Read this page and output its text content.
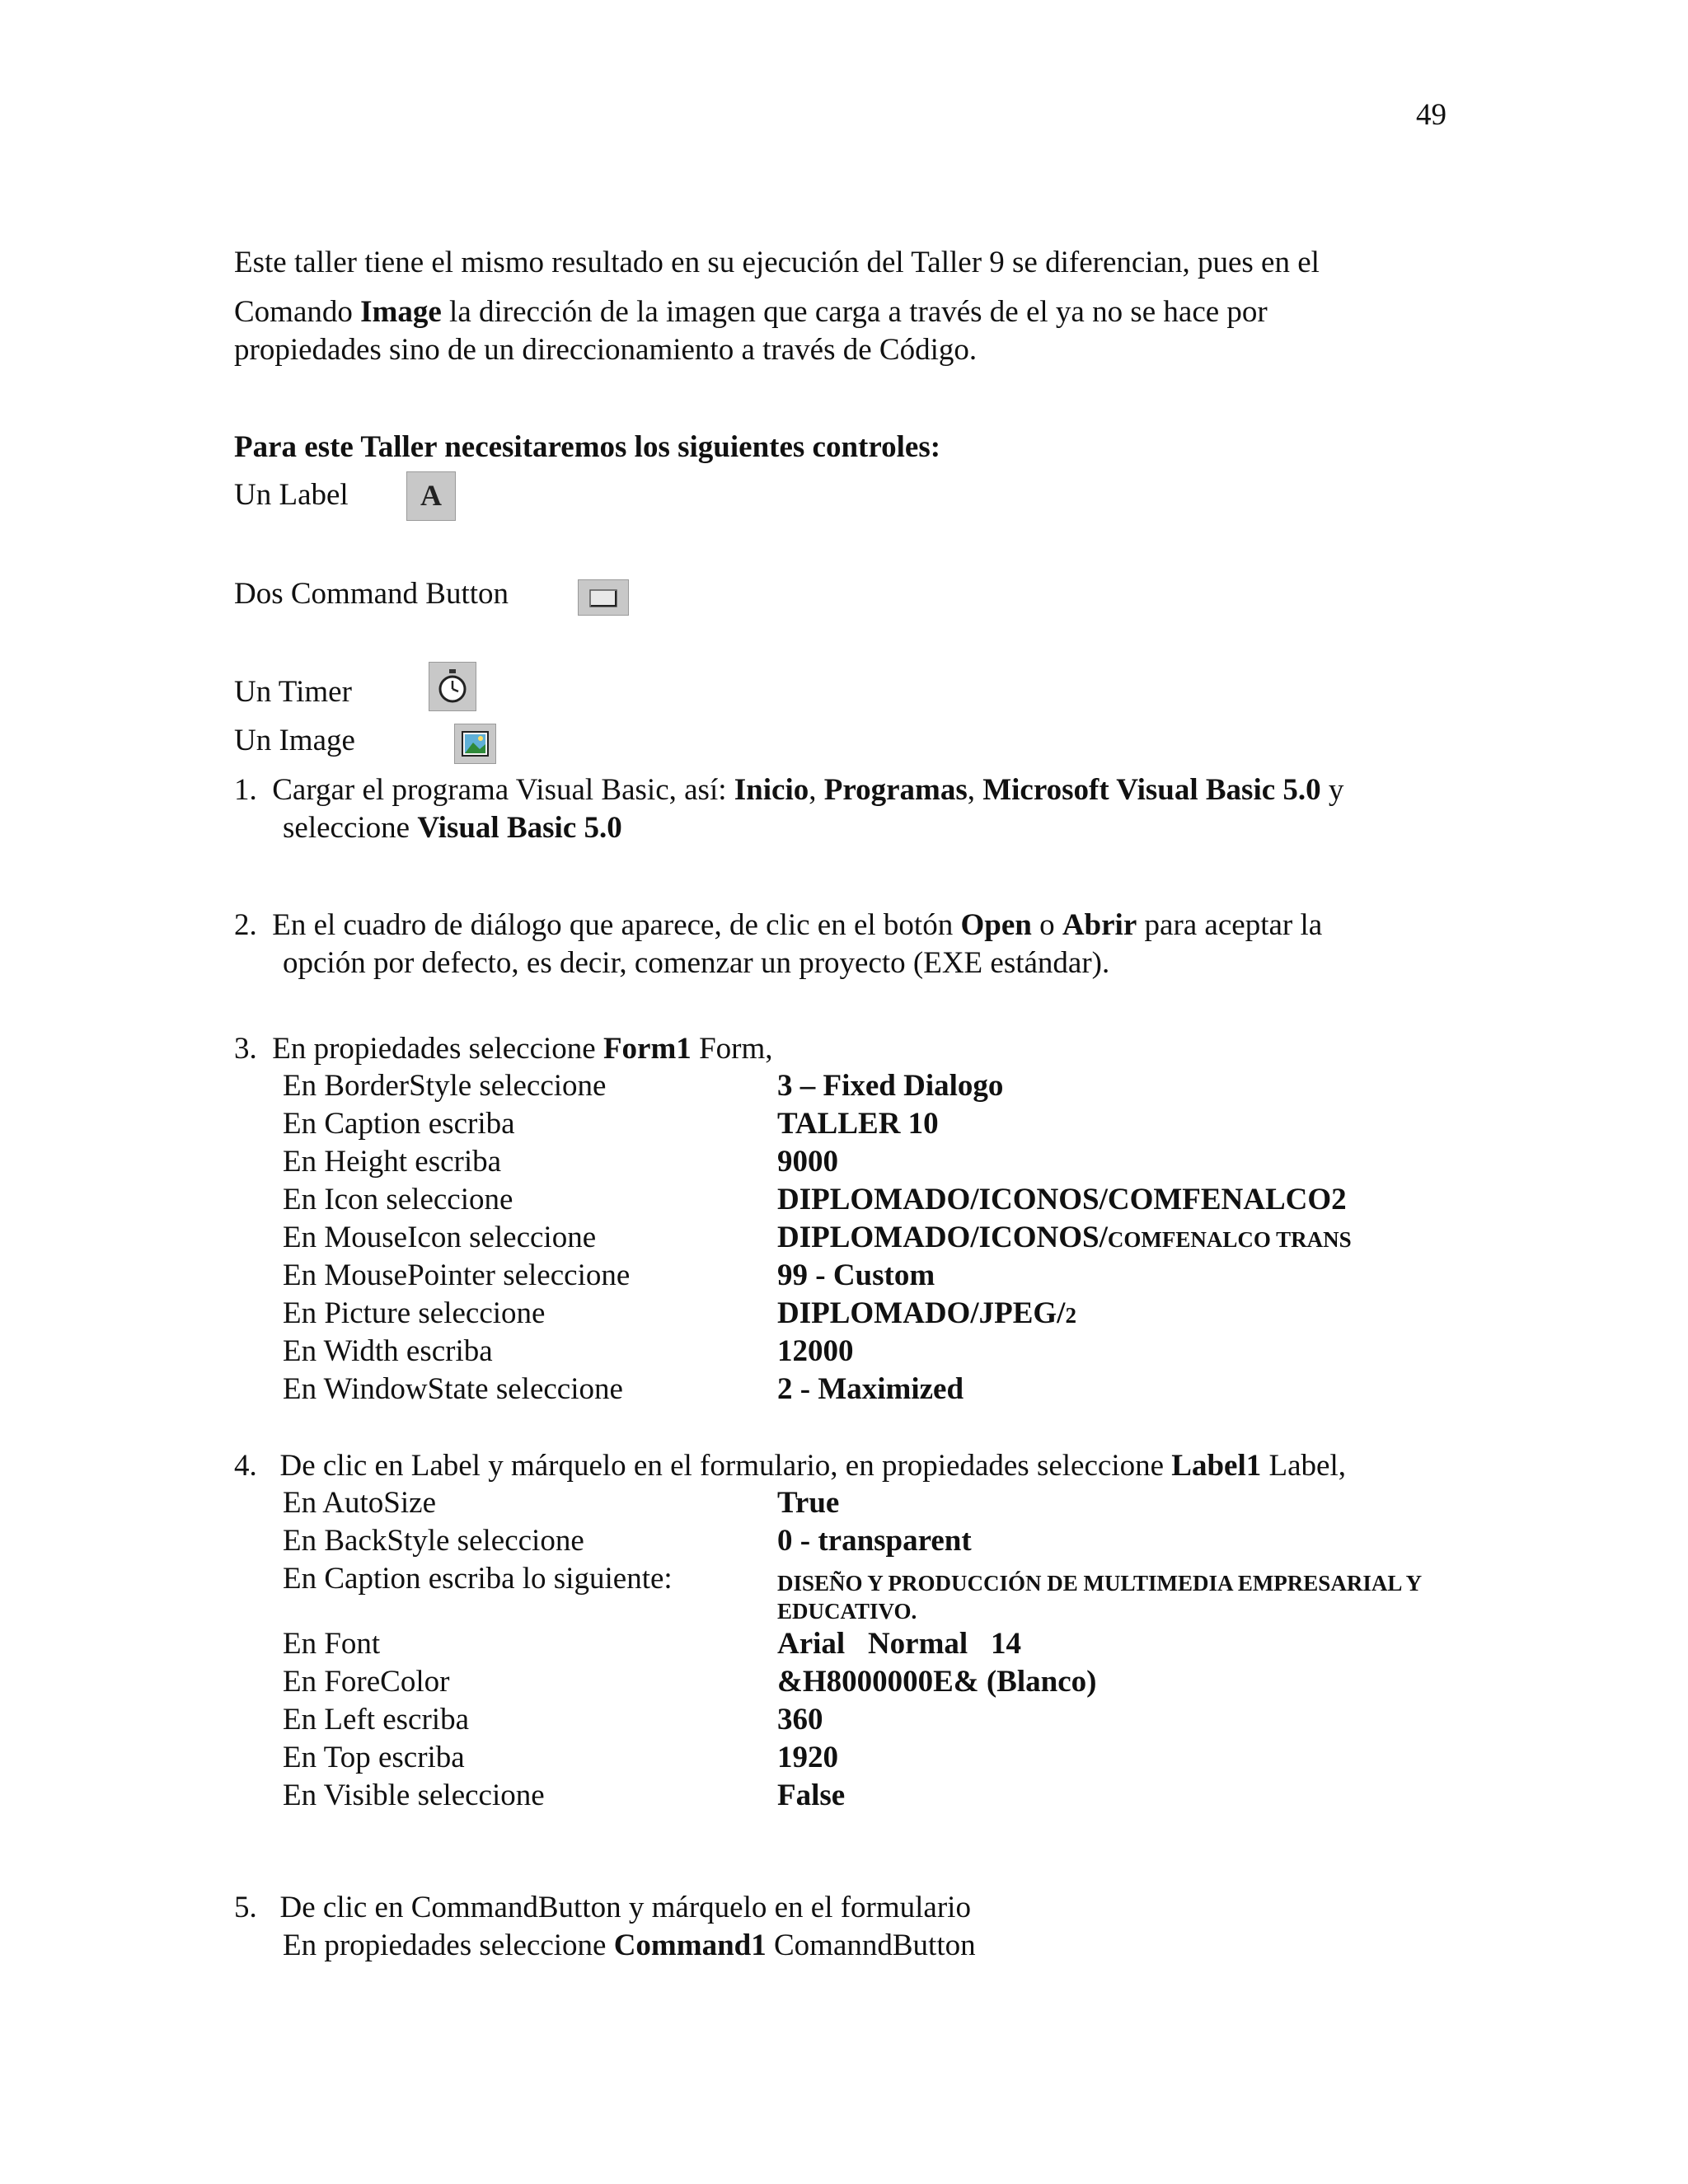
49
Este taller tiene el mismo resultado en su ejecución del Taller 9 se diferencian, pues en el
Comando Image la dirección de la imagen que carga a través de el ya no se hace por
propiedades sino de un direccionamiento a través de Código.
Para este Taller necesitaremos los siguientes controles:
Un Label	A
Dos Command Button
Un Timer
Un Image
1. Cargar el programa Visual Basic, así: Inicio, Programas, Microsoft Visual Basic 5.0 y
seleccione Visual Basic 5.0
2. En el cuadro de diálogo que aparece, de clic en el botón Open o Abrir para aceptar la
opción por defecto, es decir, comenzar un proyecto (EXE estándar).
3. En propiedades seleccione Form1 Form,
En BorderStyle seleccione	3 – Fixed Dialogo
En Caption escriba	TALLER 10
En Height escriba	9000
En Icon seleccione	DIPLOMADO/ICONOS/COMFENALCO2
En MouseIcon seleccione	DIPLOMADO/ICONOS/COMFENALCO TRANS
En MousePointer seleccione	99 - Custom
En Picture seleccione	DIPLOMADO/JPEG/2
En Width escriba	12000
En WindowState seleccione	2 - Maximized
4. De clic en Label y márquelo en el formulario, en propiedades seleccione Label1 Label,
En AutoSize	True
En BackStyle seleccione	0 - transparent
En Caption escriba lo siguiente:	DISEÑO Y PRODUCCIÓN DE MULTIMEDIA EMPRESARIAL Y EDUCATIVO.
En Font	Arial   Normal   14
En ForeColor	&H8000000E& (Blanco)
En Left escriba	360
En Top escriba	1920
En Visible seleccione	False
5. De clic en CommandButton y márquelo en el formulario
En propiedades seleccione Command1 ComanndButton
